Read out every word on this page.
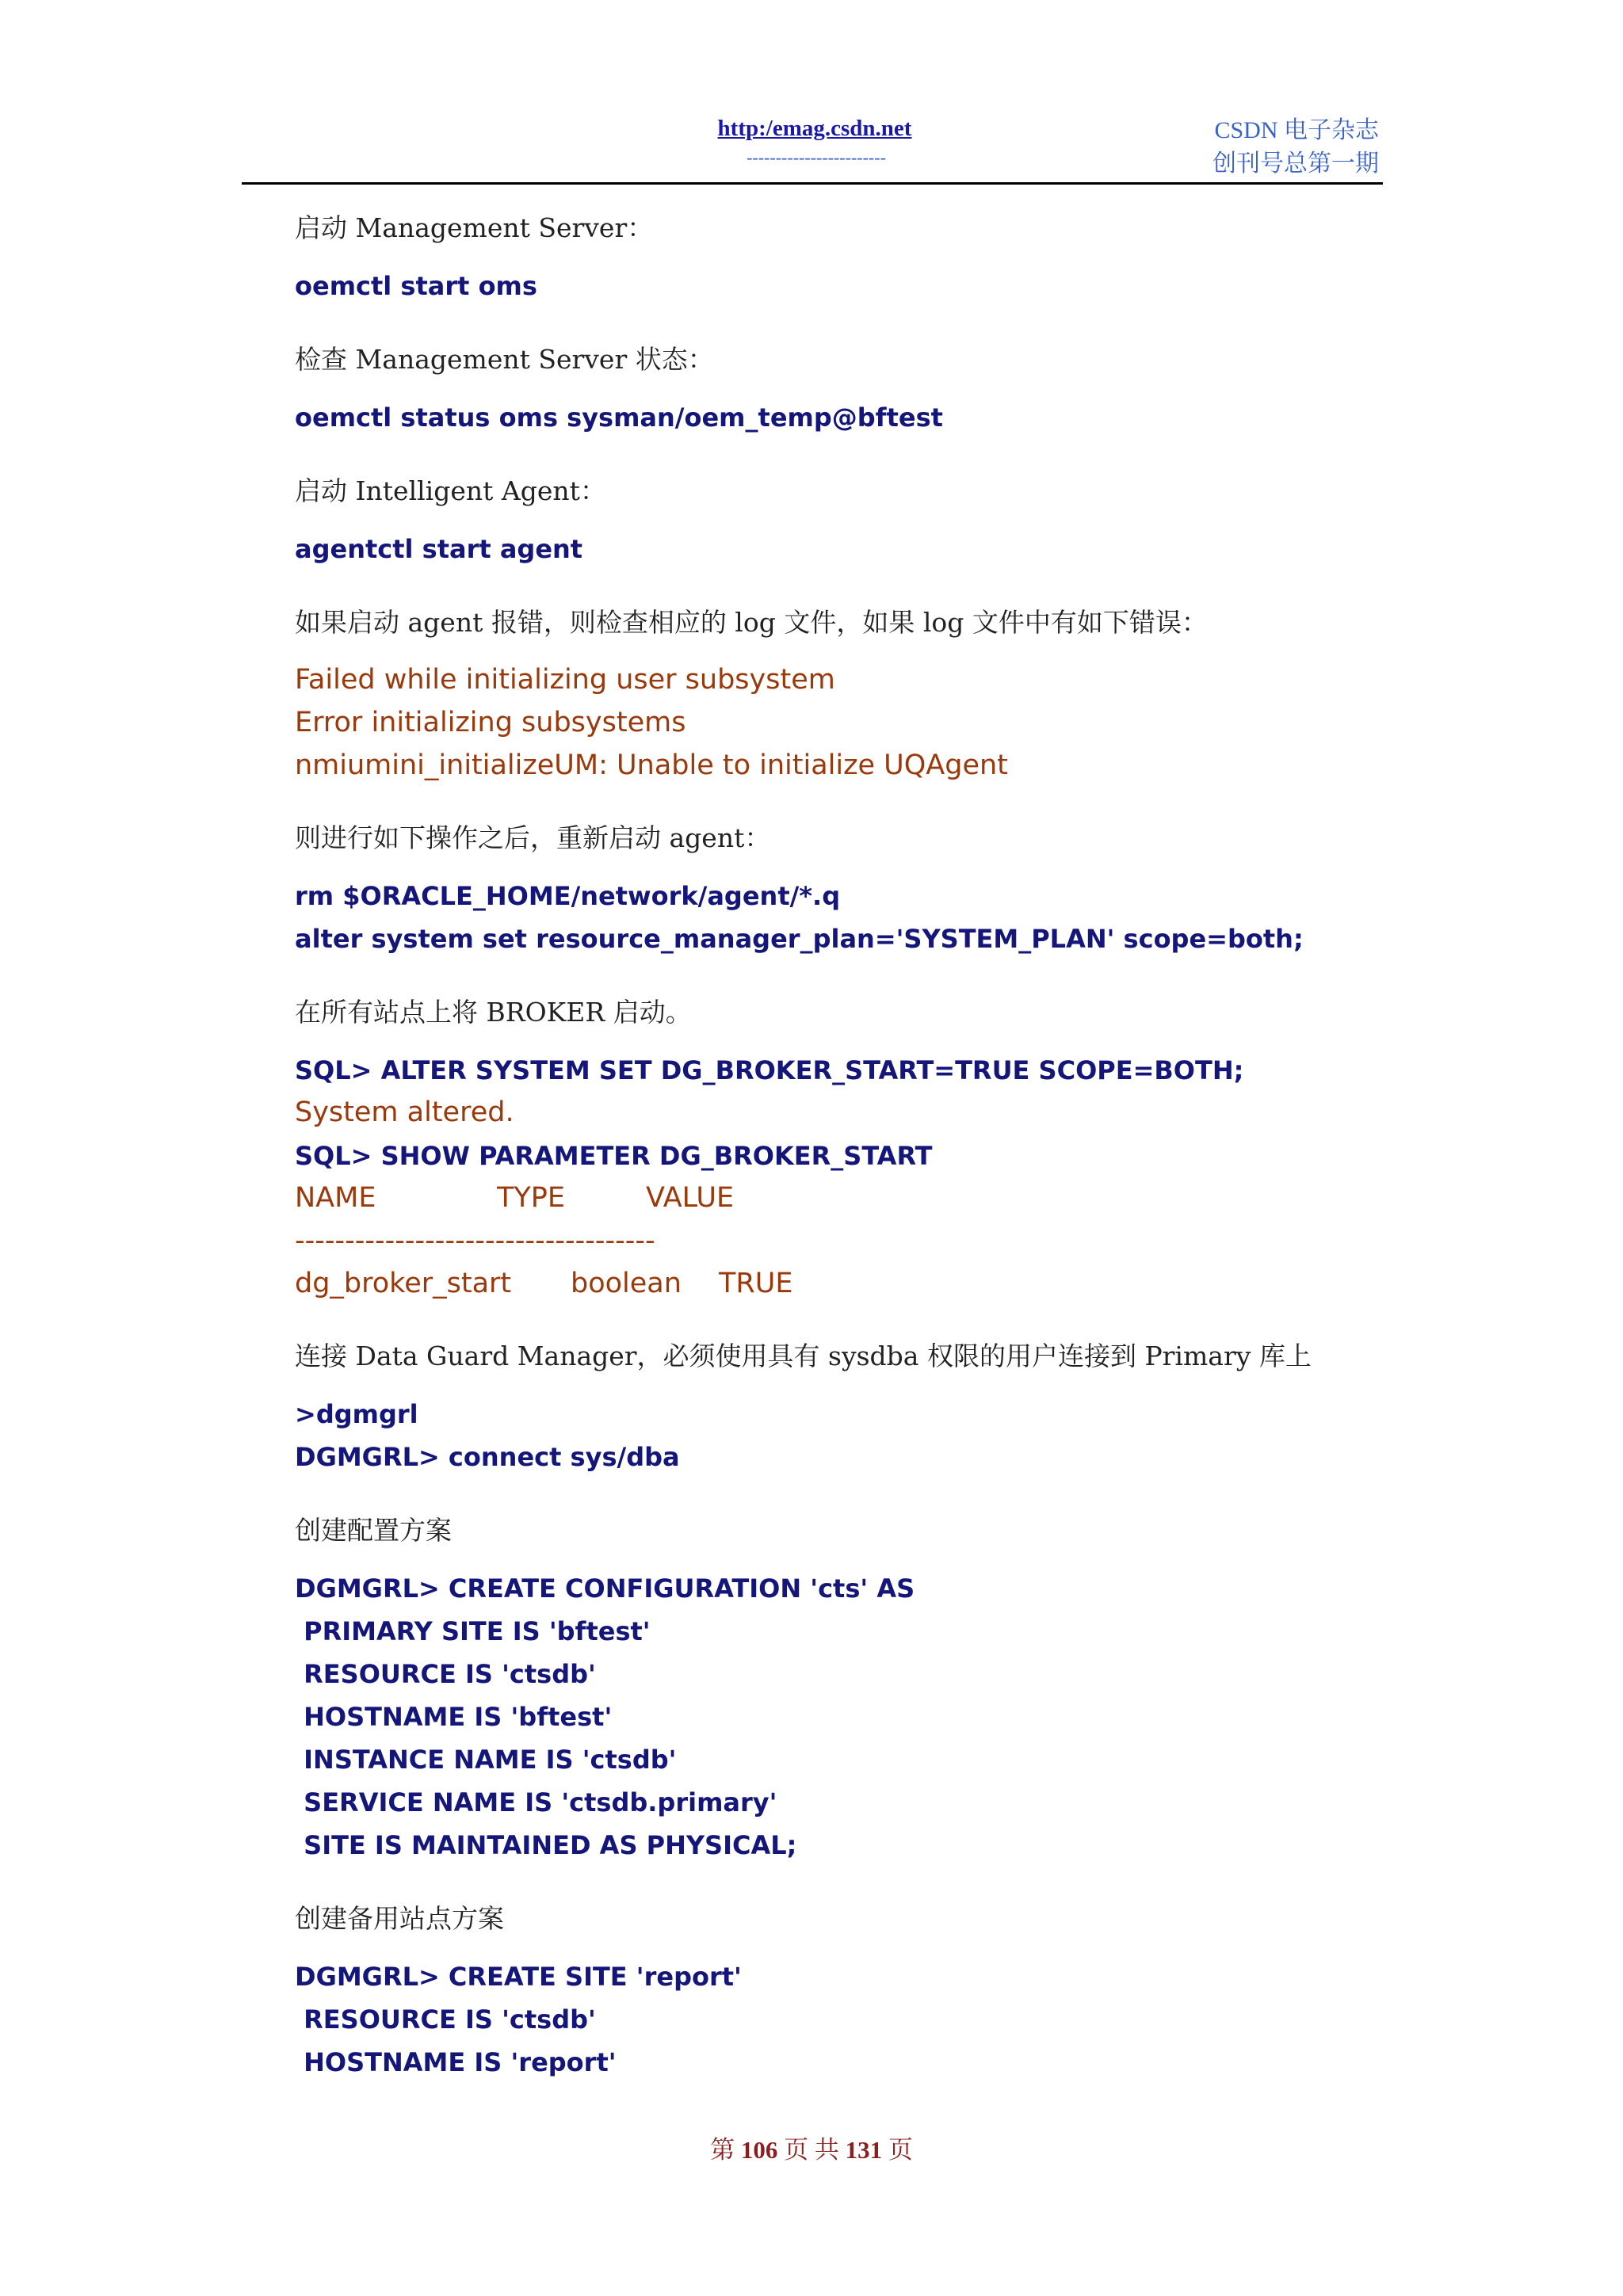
http:/emag.csdn.net
------------------------
CSDN 电子杂志
创刊号总第一期
启动 Management Server：
oemctl start oms
检查 Management Server 状态：
oemctl status oms sysman/oem_temp@bftest
启动 Intelligent Agent：
agentctl start agent
如果启动 agent 报错，则检查相应的 log 文件，如果 log 文件中有如下错误：
Failed while initializing user subsystem
Error initializing subsystems
nmiumini_initializeUM: Unable to initialize UQAgent
则进行如下操作之后，重新启动 agent：
rm $ORACLE_HOME/network/agent/*.q
alter system set resource_manager_plan='SYSTEM_PLAN' scope=both;
在所有站点上将 BROKER 启动。
SQL> ALTER SYSTEM SET DG_BROKER_START=TRUE SCOPE=BOTH;
System altered.
SQL> SHOW PARAMETER DG_BROKER_START
NAME	TYPE	VALUE
------------------------------------
dg_broker_start boolean TRUE
连接 Data Guard Manager，必须使用具有 sysdba 权限的用户连接到 Primary 库上
>dgmgrl
DGMGRL> connect sys/dba
创建配置方案
DGMGRL> CREATE CONFIGURATION 'cts' AS
PRIMARY SITE IS 'bftest'
RESOURCE IS 'ctsdb'
HOSTNAME IS 'bftest'
INSTANCE NAME IS 'ctsdb'
SERVICE NAME IS 'ctsdb.primary'
SITE IS MAINTAINED AS PHYSICAL;
创建备用站点方案
DGMGRL> CREATE SITE 'report'
RESOURCE IS 'ctsdb'
HOSTNAME IS 'report'
第 106 页 共 131 页
